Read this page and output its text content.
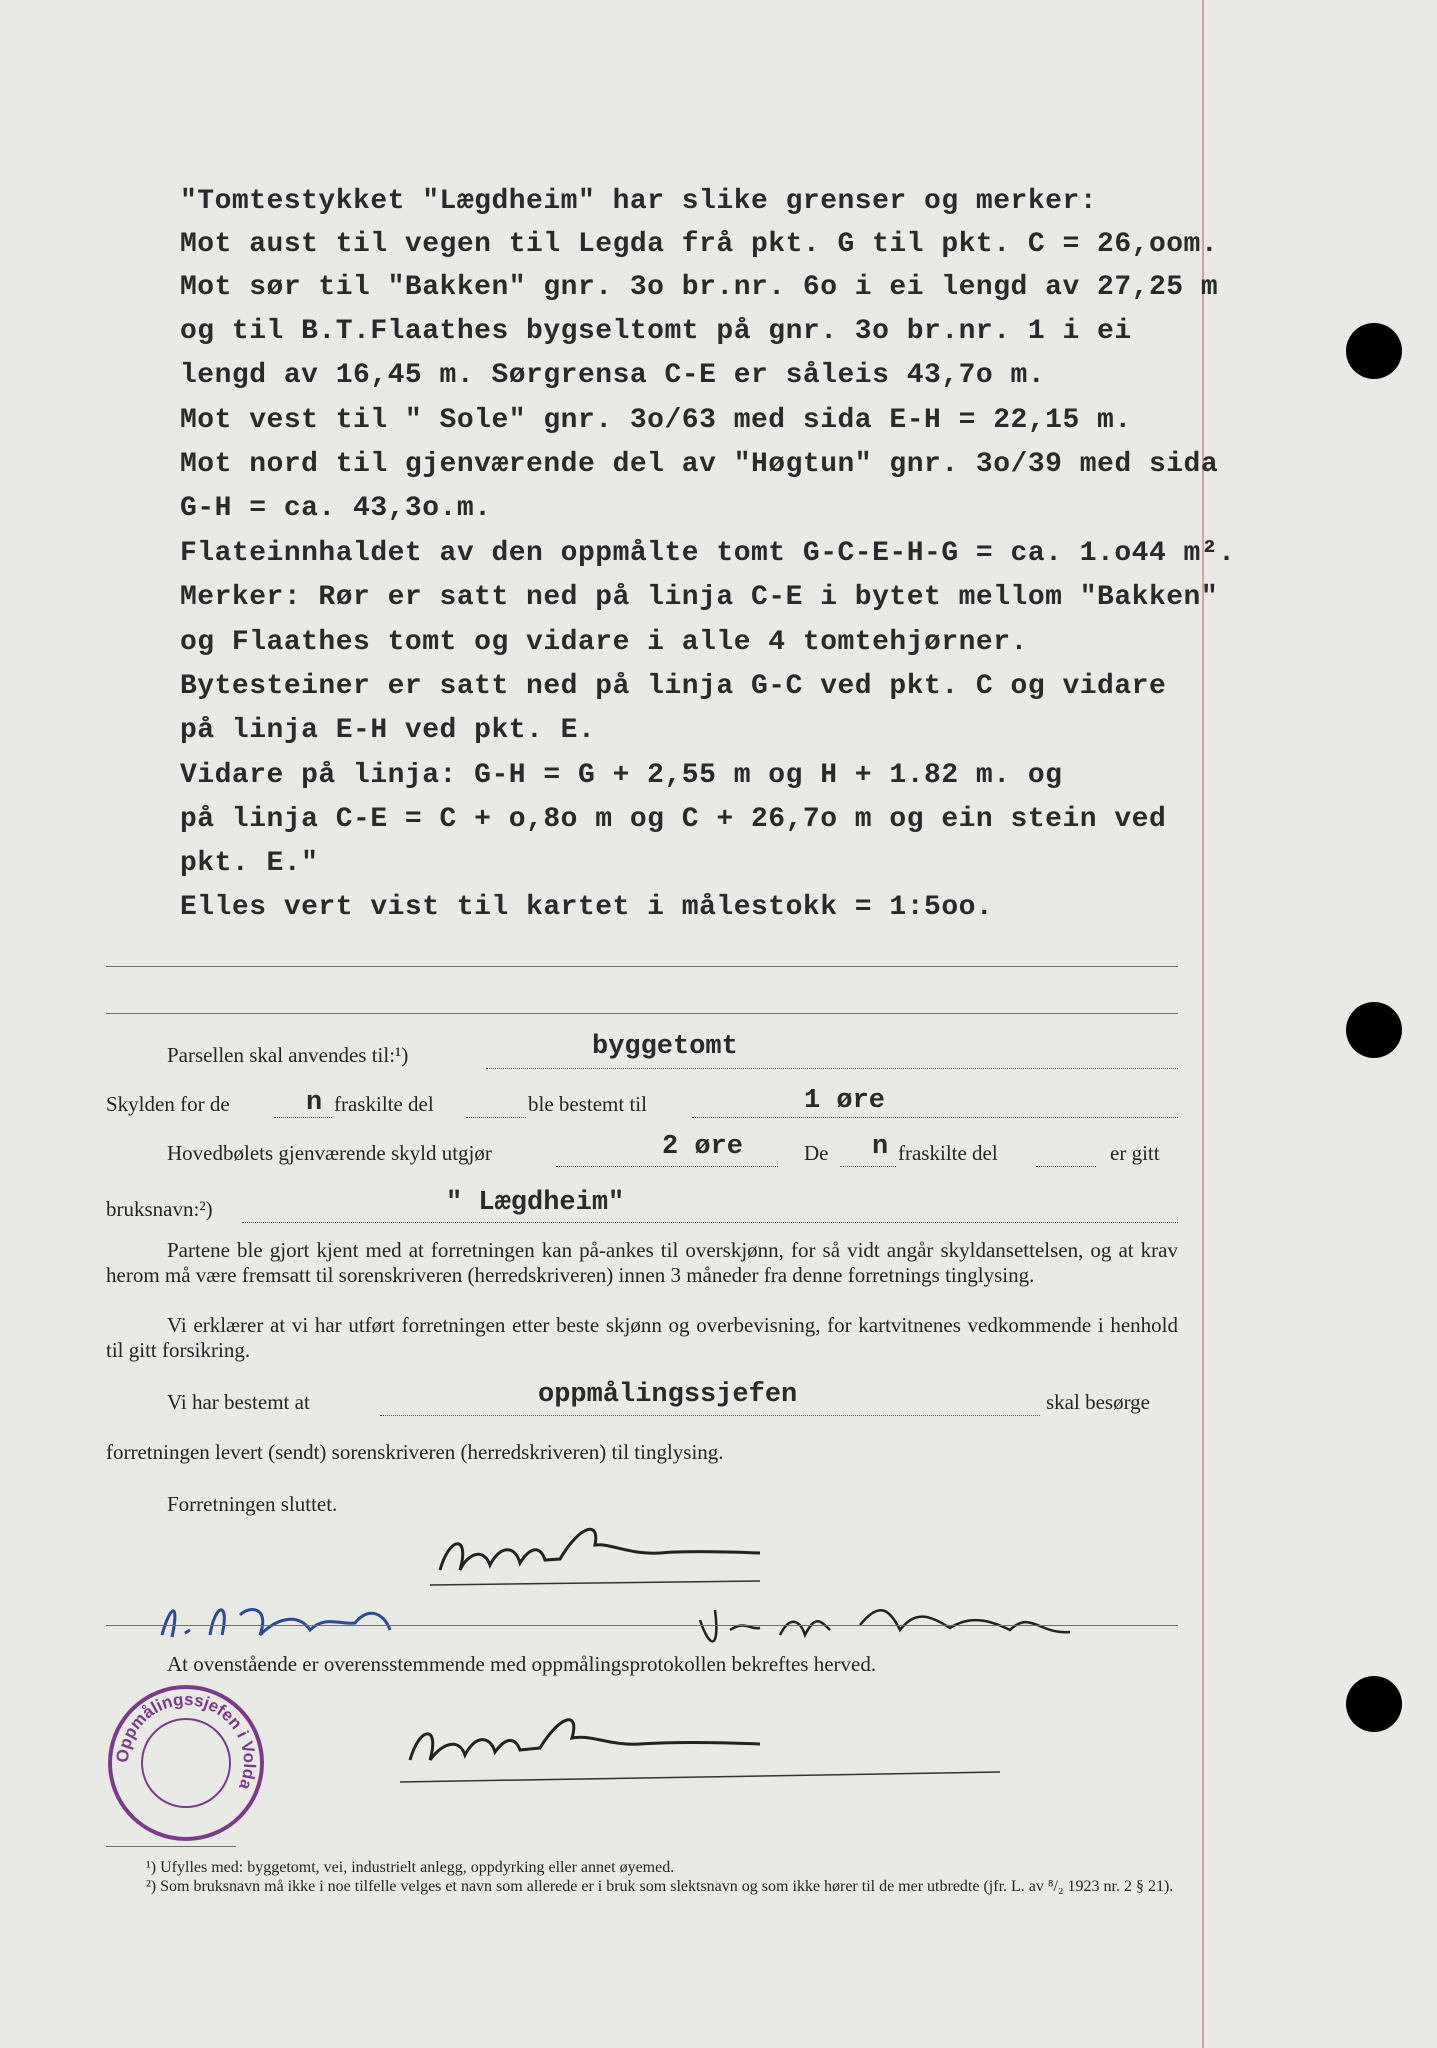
"Tomtestykket "Lægdheim" har slike grenser og merker:
Mot aust til vegen til Legda frå pkt. G til pkt. C = 26,oom.
Mot sør til "Bakken" gnr. 3o br.nr. 6o i ei lengd av 27,25 m
og til B.T.Flaathes bygseltomt på gnr. 3o br.nr. 1 i ei
lengd av 16,45 m. Sørgrensa C-E er såleis 43,7o m.
Mot vest til " Sole" gnr. 3o/63 med sida E-H = 22,15 m.
Mot nord til gjenværende del av "Høgtun" gnr. 3o/39 med sida
G-H = ca. 43,3o.m.
Flateinnhaldet av den oppmålte tomt G-C-E-H-G = ca. 1.o44 m².
Merker: Rør er satt ned på linja C-E i bytet mellom "Bakken"
og Flaathes tomt og vidare i alle 4 tomtehjørner.
Bytesteiner er satt ned på linja G-C ved pkt. C og vidare
på linja E-H ved pkt. E.
Vidare på linja: G-H = G + 2,55 m og H + 1.82 m. og
på linja C-E = C + o,8o m og C + 26,7o m og ein stein ved
pkt. E."
Elles vert vist til kartet i målestokk = 1:5oo.
Parsellen skal anvendes til:¹)	byggetomt
Skylden for de	n fraskilte del	ble bestemt til	1 øre
Hovedbølets gjenværende skyld utgjør	2 øre	De n fraskilte del	er gitt
bruksnavn:²)	" Lægdheim"
Partene ble gjort kjent med at forretningen kan på-ankes til overskjønn, for så vidt angår skyldansettelsen, og at krav herom må være fremsatt til sorenskriveren (herredskriveren) innen 3 måneder fra denne forretnings tinglysing.
Vi erklærer at vi har utført forretningen etter beste skjønn og overbevisning, for kartvitnenes vedkommende i henhold til gitt forsikring.
Vi har bestemt at	oppmålingssjefen	skal besørge
forretningen levert (sendt) sorenskriveren (herredskriveren) til tinglysing.
Forretningen sluttet.
At ovenstående er overensstemmende med oppmålingsprotokollen bekreftes herved.
Oppmålingssjefen i Volda
¹) Ufylles med: byggetomt, vei, industrielt anlegg, oppdyrking eller annet øyemed.
²) Som bruksnavn må ikke i noe tilfelle velges et navn som allerede er i bruk som slektsnavn og som ikke hører til de mer utbredte (jfr. L. av ⁸/₂ 1923 nr. 2 § 21).
